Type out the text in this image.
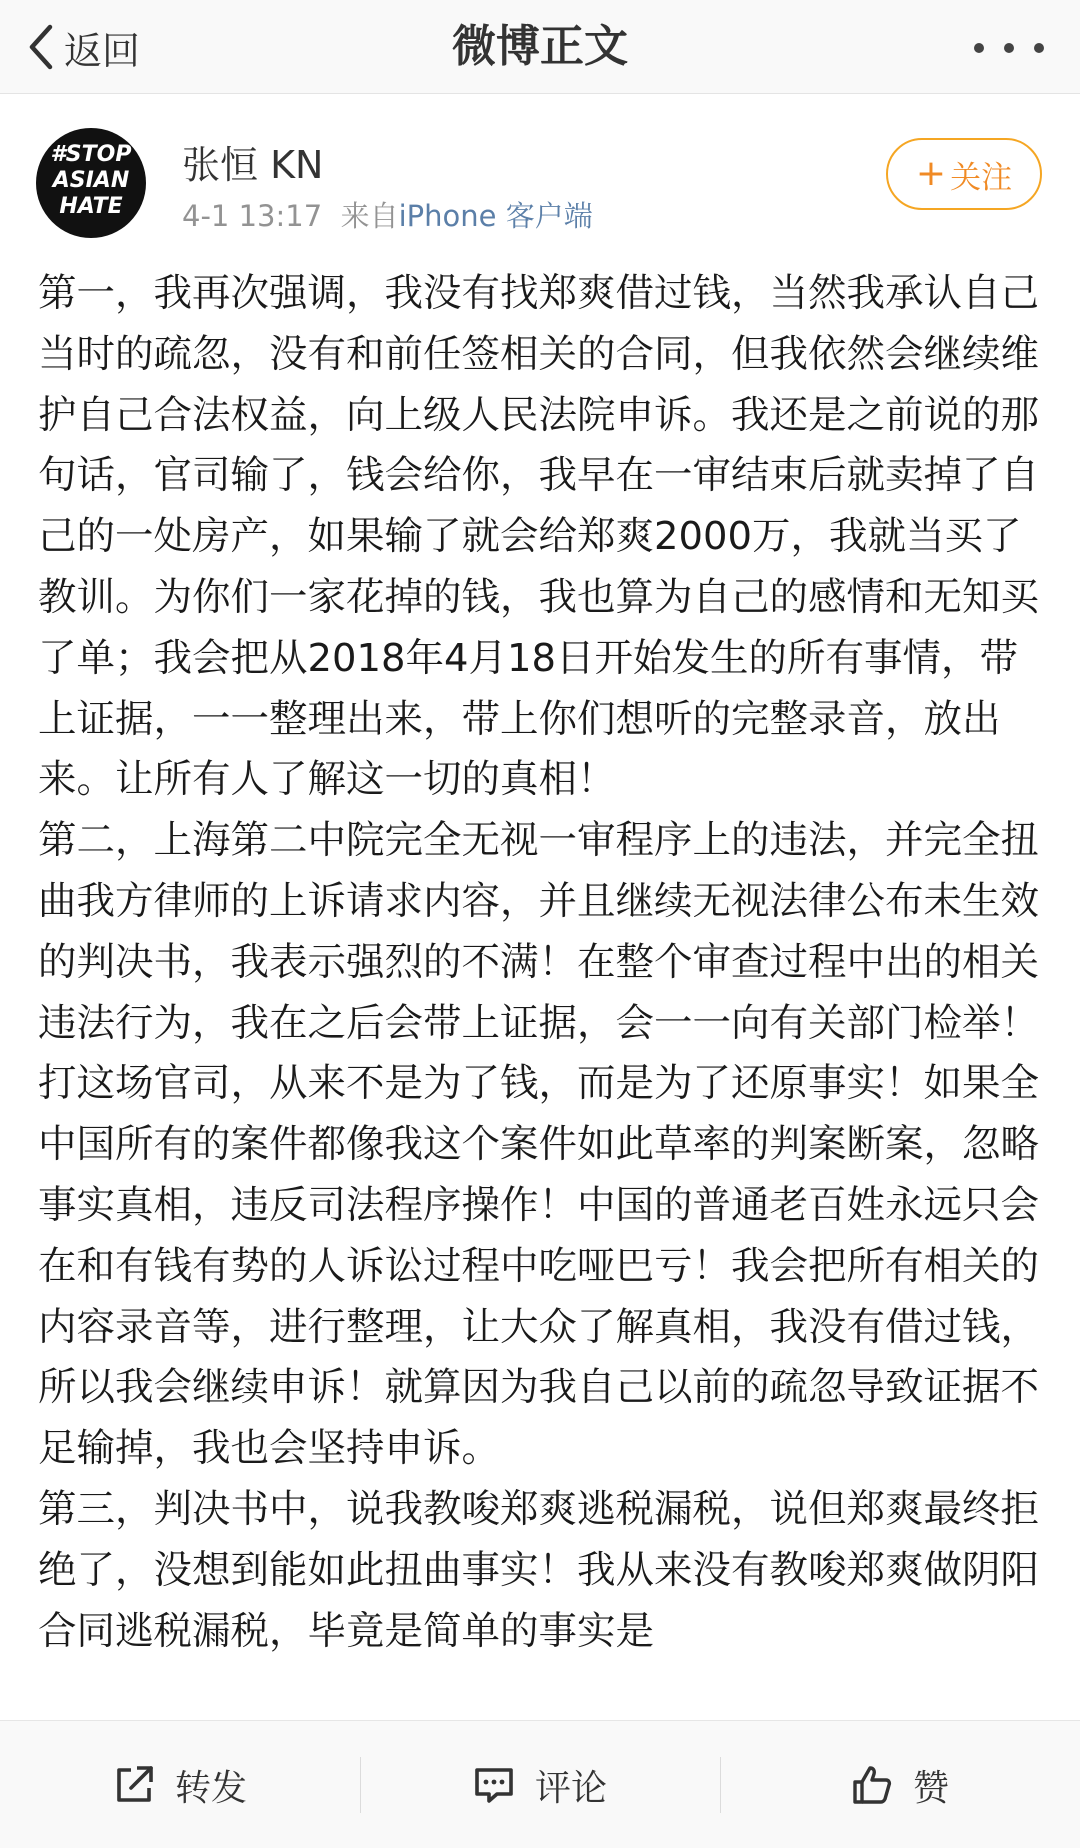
返回	微博正文
#STOP ASIAN HATE
张恒 KN
4-1 13:17 来自iPhone 客户端
+ 关注

第一，我再次强调，我没有找郑爽借过钱，当然我承认自己当时的疏忽，没有和前任签相关的合同，但我依然会继续维护自己合法权益，向上级人民法院申诉。我还是之前说的那句话，官司输了，钱会给你，我早在一审结束后就卖掉了自己的一处房产，如果输了就会给郑爽2000万，我就当买了教训。为你们一家花掉的钱，我也算为自己的感情和无知买了单；我会把从2018年4月18日开始发生的所有事情，带上证据，一一整理出来，带上你们想听的完整录音，放出来。让所有人了解这一切的真相！

第二，上海第二中院完全无视一审程序上的违法，并完全扭曲我方律师的上诉请求内容，并且继续无视法律公布未生效的判决书，我表示强烈的不满！在整个审查过程中出的相关违法行为，我在之后会带上证据，会一一向有关部门检举！打这场官司，从来不是为了钱，而是为了还原事实！如果全中国所有的案件都像我这个案件如此草率的判案断案，忽略事实真相，违反司法程序操作！中国的普通老百姓永远只会在和有钱有势的人诉讼过程中吃哑巴亏！我会把所有相关的内容录音等，进行整理，让大众了解真相，我没有借过钱，所以我会继续申诉！就算因为我自己以前的疏忽导致证据不足输掉，我也会坚持申诉。

第三，判决书中，说我教唆郑爽逃税漏税，说但郑爽最终拒绝了，没想到能如此扭曲事实！我从来没有教唆郑爽做阴阳合同逃税漏税，毕竟是简单的事实是

转发	评论	赞
